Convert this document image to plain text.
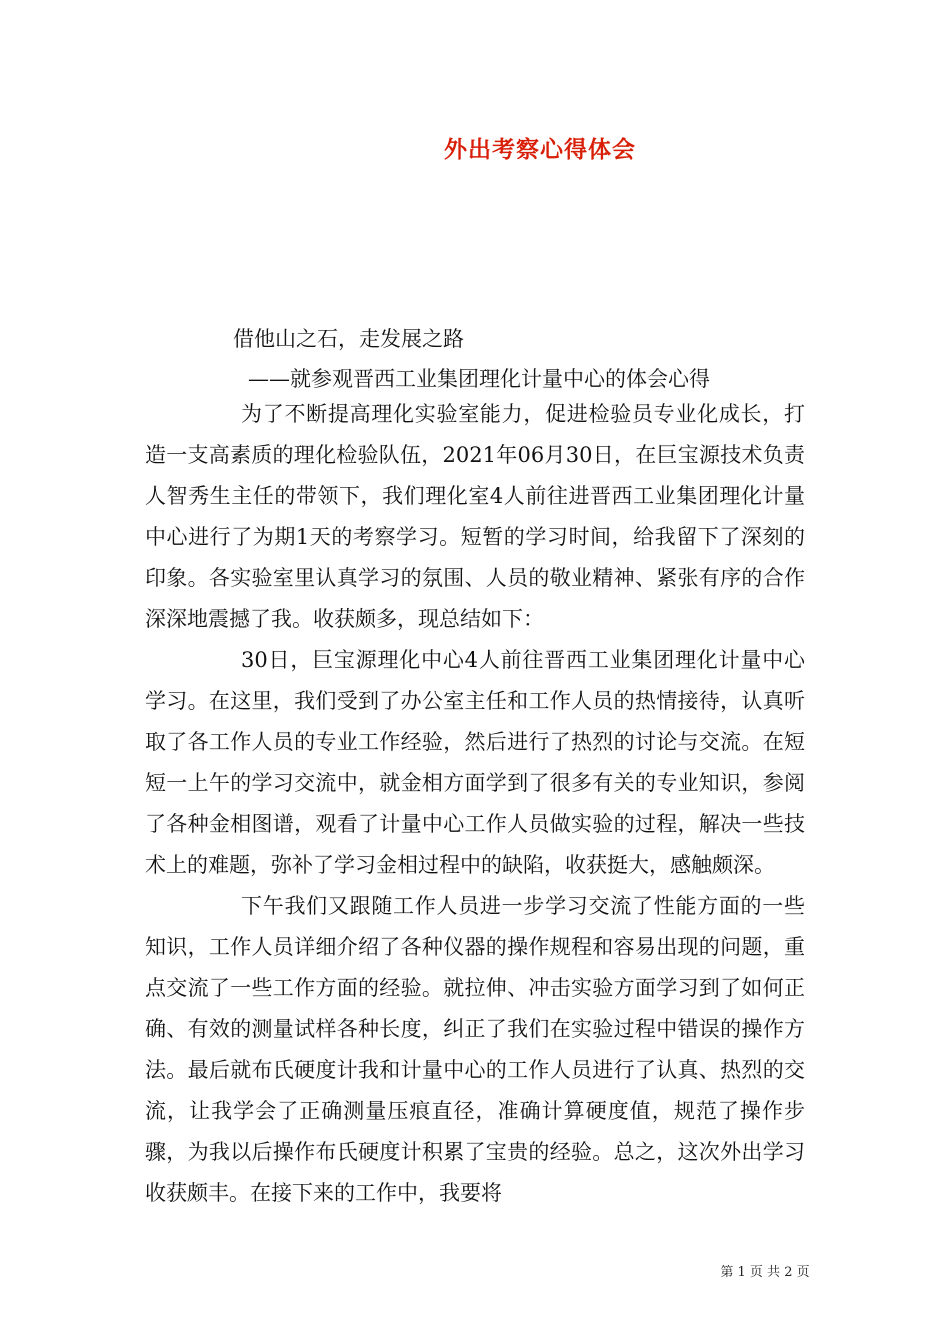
外出考察心得体会
借他山之石，走发展之路
——就参观晋西工业集团理化计量中心的体会心得

为了不断提高理化实验室能力，促进检验员专业化成长，打造一支高素质的理化检验队伍，2021年06月30日，在巨宝源技术负责人智秀生主任的带领下，我们理化室4人前往进晋西工业集团理化计量中心进行了为期1天的考察学习。短暂的学习时间，给我留下了深刻的印象。各实验室里认真学习的氛围、人员的敬业精神、紧张有序的合作深深地震撼了我。收获颇多，现总结如下：

30日，巨宝源理化中心4人前往晋西工业集团理化计量中心学习。在这里，我们受到了办公室主任和工作人员的热情接待，认真听取了各工作人员的专业工作经验，然后进行了热烈的讨论与交流。在短短一上午的学习交流中，就金相方面学到了很多有关的专业知识，参阅了各种金相图谱，观看了计量中心工作人员做实验的过程，解决一些技术上的难题，弥补了学习金相过程中的缺陷，收获挺大，感触颇深。

下午我们又跟随工作人员进一步学习交流了性能方面的一些知识，工作人员详细介绍了各种仪器的操作规程和容易出现的问题，重点交流了一些工作方面的经验。就拉伸、冲击实验方面学习到了如何正确、有效的测量试样各种长度，纠正了我们在实验过程中错误的操作方法。最后就布氏硬度计我和计量中心的工作人员进行了认真、热烈的交流，让我学会了正确测量压痕直径，准确计算硬度值，规范了操作步骤，为我以后操作布氏硬度计积累了宝贵的经验。总之，这次外出学习收获颇丰。在接下来的工作中，我要将

第 1 页 共 2 页
